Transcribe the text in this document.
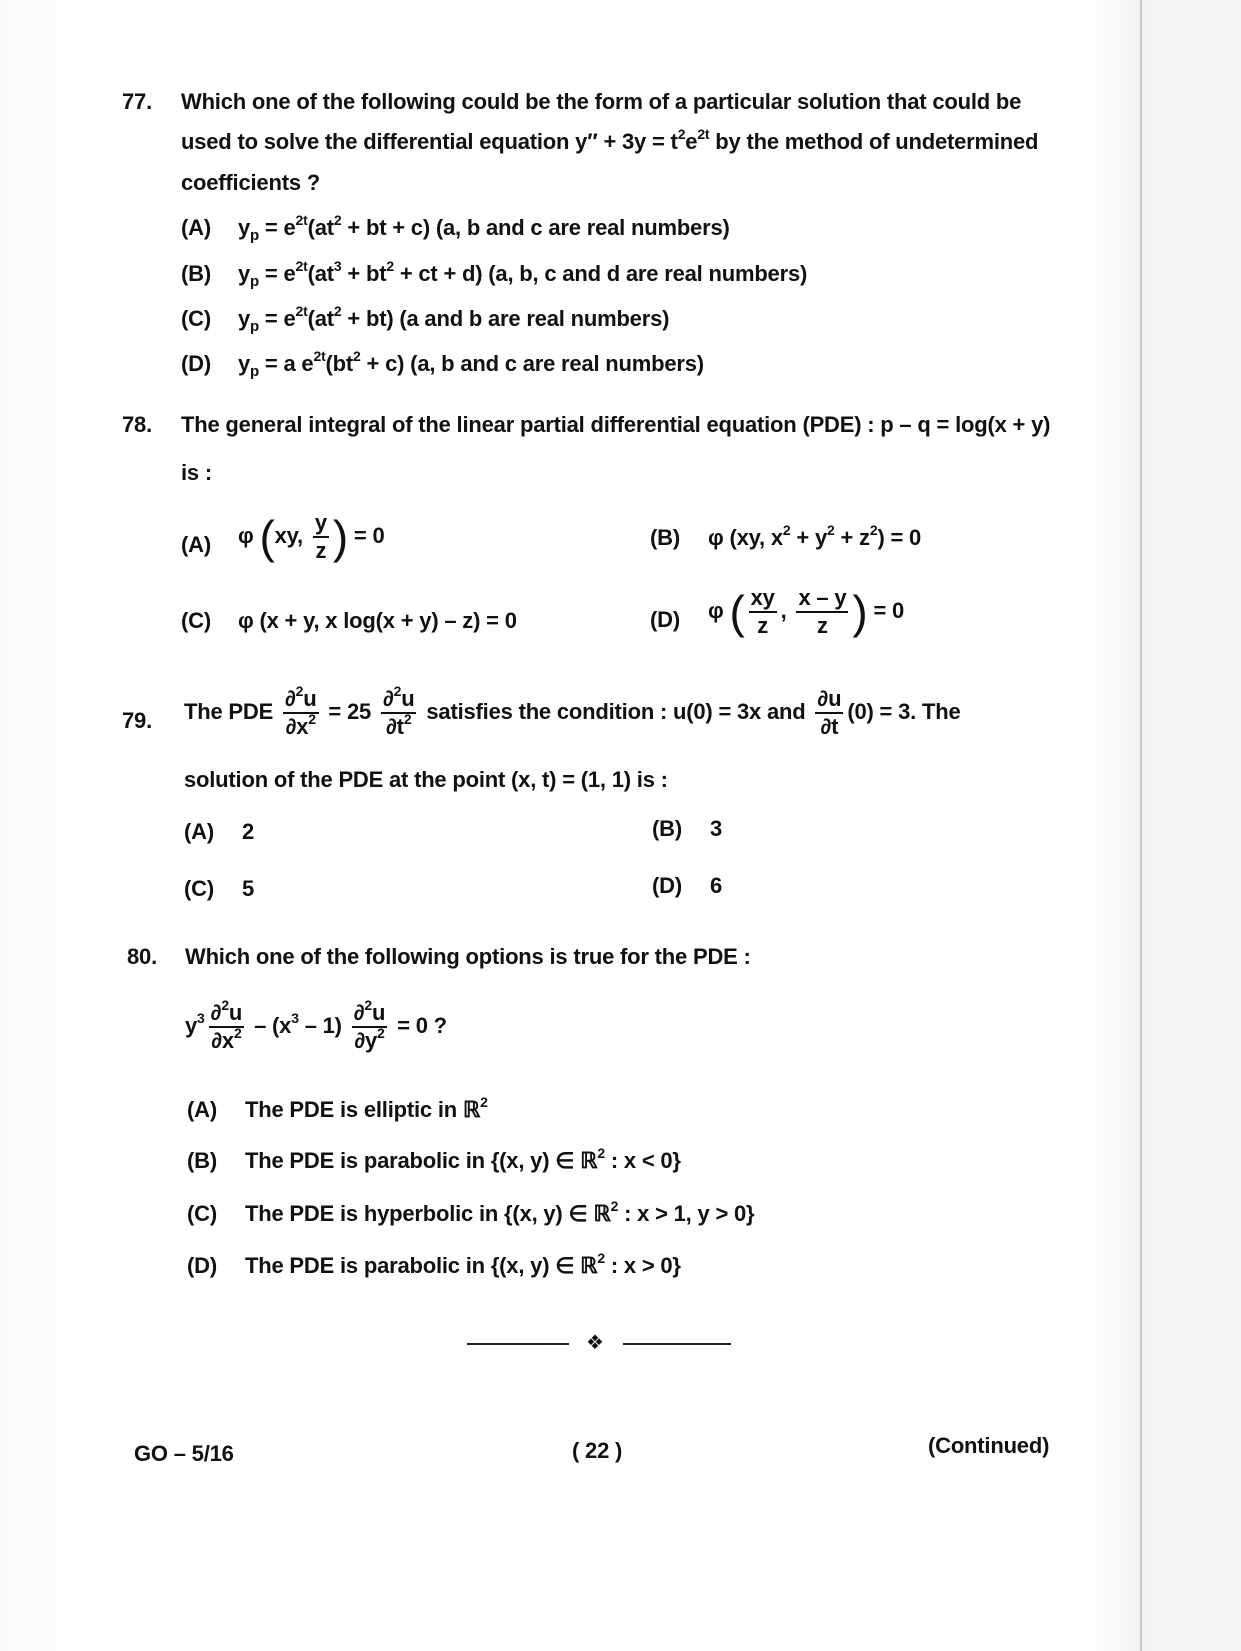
77. Which one of the following could be the form of a particular solution that could be
used to solve the differential equation $y'' + 3y = t^2e^{2t}$ by the method of undetermined
coefficients ?
(A) $y_p = e^{2t}(at^2$ + bt + c) (a, b and c are real numbers)
(B) $y_p = e^{2t}(at^3 + bt^2$ + ct + d) (a, b, c and d are real numbers)
(C) $y_p = e^{2t}(at^2 + bt)$ (a and b are real numbers)
(D) $y_p = a$ $e^{2t}(bt^2 + c)$ (a, b and c are real numbers)
78. The general integral of the linear partial differential equation (PDE) : p – q = log(x + y)
is :
(A) φ (xy, $\frac{y}{z}$ ) = 0	(B) φ (xy, $x^2 + y^2 + z^2) = 0$
(C) φ (x + y, x log(x + y) – z) = 0	(D) φ ( $\frac{xy}{z}$ , $\frac{x - y}{z}$ ) = 0
79. The PDE $\frac{\partial^2u}{\partial x^2} = 25 \frac{\partial^2u}{\partial t^2}$ satisfies the condition : u(0) = 3x and $\frac{\partial u}{\partial t} (0) = 3$. The
solution of the PDE at the point (x, t) = (1, 1) is :
(A) 2	(B) 3
(C) 5	(D) 6
80. Which one of the following options is true for the PDE :
$y^3 \frac{\partial^2u}{\partial x^2} - (x^3 - 1) \frac{\partial^2u}{\partial y^2} = 0$ ?
(A) The PDE is elliptic in ℝ$^2$
(B) The PDE is parabolic in {(x, y) ∈ ℝ$^2$ : x < 0}
(C) The PDE is hyperbolic in {(x, y) ∈ ℝ$^2$ : x > 1, y > 0}
(D) The PDE is parabolic in {(x, y) ∈ ℝ$^2$ : x > 0}
❖
GO – 5/16	( 22 )	(Continued)
